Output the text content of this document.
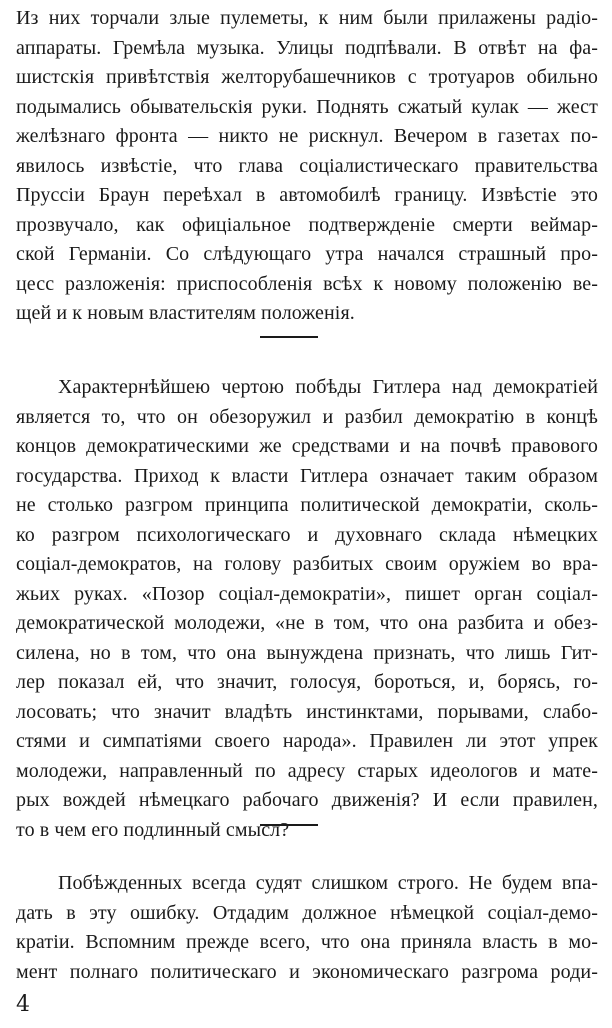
Из них торчали злые пулеметы, к ним были прилажены радіо-
аппараты. Гремѣла музыка. Улицы подпѣвали. В отвѣт на фа-
шистскія привѣтствія желторубашечников с тротуаров обильно
подымались обывательскія руки. Поднять сжатый кулак — жест
желѣзнаго фронта — никто не рискнул. Вечером в газетах по-
явилось извѣстіе, что глава соціалистическаго правительства
Пруссіи Браун переѣхал в автомобилѣ границу. Извѣстіе это
прозвучало, как офиціальное подтвержденіе смерти веймар-
ской Германіи. Со слѣдующаго утра начался страшный про-
цесс разложенія: приспособленія всѣх к новому положенію ве-
щей и к новым властителям положенія.

Характернѣйшею чертою побѣды Гитлера над демократіей
является то, что он обезоружил и разбил демократію в концѣ
концов демократическими же средствами и на почвѣ правового
государства. Приход к власти Гитлера означает таким образом
не столько разгром принципа политической демократіи, сколь-
ко разгром психологическаго и духовнаго склада нѣмецких
соціал-демократов, на голову разбитых своим оружіем во вра-
жьих руках. «Позор соціал-демократіи», пишет орган соціал-
демократической молодежи, «не в том, что она разбита и обез-
силена, но в том, что она вынуждена признать, что лишь Гит-
лер показал ей, что значит, голосуя, бороться, и, борясь, го-
лосовать; что значит владѣть инстинктами, порывами, слабо-
стями и симпатіями своего народа». Правилен ли этот упрек
молодежи, направленный по адресу старых идеологов и мате-
рых вождей нѣмецкаго рабочаго движенія? И если правилен,
то в чем его подлинный смысл?

Побѣжденных всегда судят слишком строго. Не будем впа-
дать в эту ошибку. Отдадим должное нѣмецкой соціал-демо-
кратіи. Вспомним прежде всего, что она приняла власть в мо-
мент полнаго политическаго и экономическаго разгрома роди-

4
